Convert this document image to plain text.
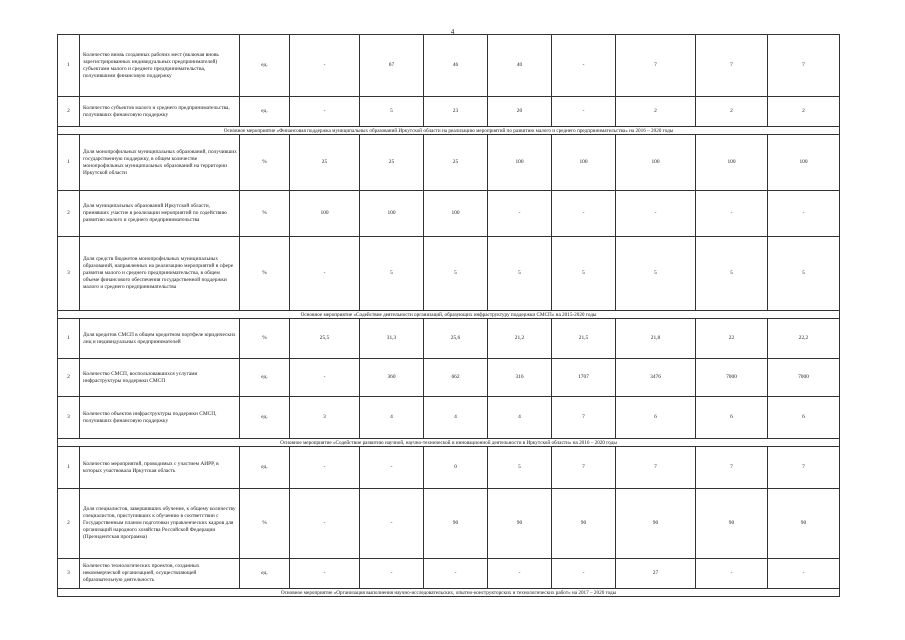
4
1	Количество вновь созданных рабочих мест (включая вновь зарегистрированных индивидуальных предпринимателей) субъектами малого и среднего предпринимательства, получившими финансовую поддержку	ед.	-	67	46	40	-	7	7	7
2	Количество субъектов малого и среднего предпринимательства, получивших финансовую поддержку	ед.	-	5	23	20	-	2	2	2
Основное мероприятие «Финансовая поддержка муниципальных образований Иркутской области на реализацию мероприятий по развитию малого и среднего предпринимательства» на 2016 – 2020 годы										
1	Доля монопрофильных муниципальных образований, получивших государственную поддержку, в общем количестве монопрофильных муниципальных образований на территории Иркутской области	%	25	25	25	100	100	100	100	100
2	Доля муниципальных образований Иркутской области, принявших участие в реализации мероприятий по содействию развитию малого и среднего предпринимательства	%	100	100	100	-	-	-	-	-
3	Доля средств бюджетов монопрофильных муниципальных образований, направленных на реализацию мероприятий в сфере развития малого и среднего предпринимательства, в общем объеме финансового обеспечения государственной поддержки малого и среднего предпринимательства	%	-	5	5	5	5	5	5	5
Основное мероприятие «Содействие деятельности организаций, образующих инфраструктуру поддержки СМСП» на 2015-2020 годы										
1	Доля кредитов СМСП в общем кредитном портфеле юридических лиц и индивидуальных предпринимателей	%	25,5	31,3	25,6	21,2	21,5	21,8	22	22,2
2	Количество СМСП, воспользовавшихся услугами инфраструктуры поддержки СМСП	ед.	-	360	662	316	1707	3476	7000	7000
3	Количество объектов инфраструктуры поддержки СМСП, получивших финансовую поддержку	ед.	3	4	4	4	7	6	6	6
Основное мероприятие «Содействие развитию научной, научно-технической и инновационной деятельности в Иркутской области» на 2016 – 2020 годы										
1	Количество мероприятий, проводимых с участием АИРР, в которых участвовала Иркутская область	ед.	-	-	0	5	7	7	7	7
2	Доля специалистов, завершивших обучение, к общему количеству специалистов, приступивших к обучению в соответствии с Государственным планом подготовки управленческих кадров для организаций народного хозяйства Российской Федерации (Президентская программа)	%	-	-	90	90	90	90	90	90
3	Количество технологических проектов, созданных некоммерческой организацией, осуществляющей образовательную деятельность	ед.	-	-	-	-	-	27	-	-
Основное мероприятие «Организация выполнения научно-исследовательских, опытно-конструкторских и технологических работ» на 2017 – 2020 годы										
